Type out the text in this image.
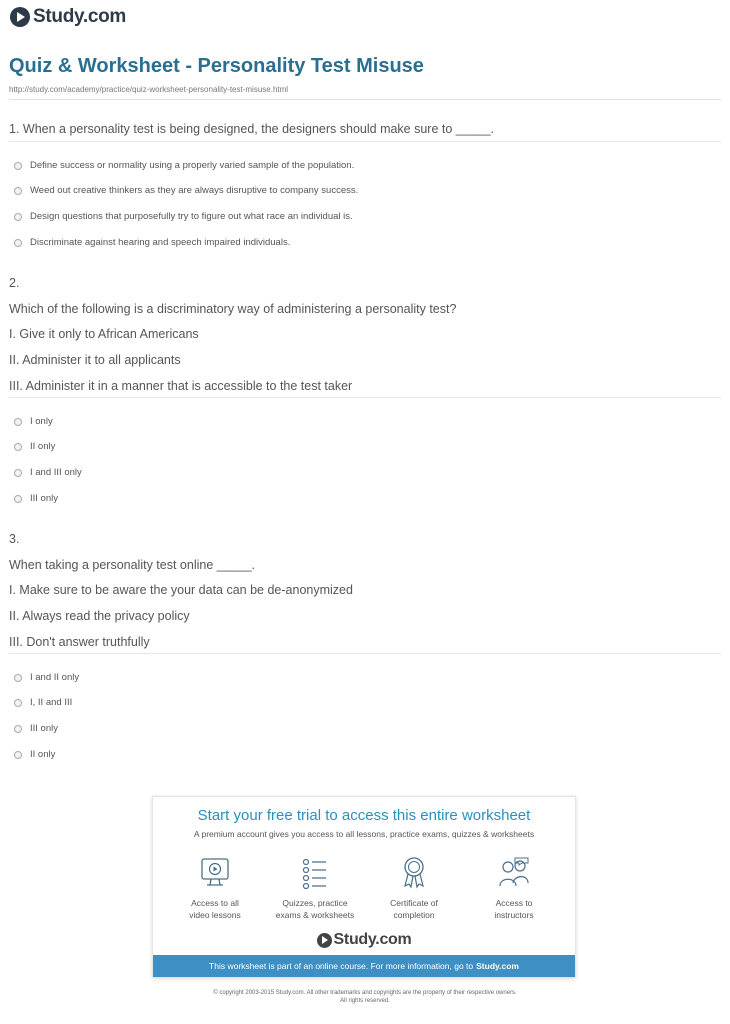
Study.com
Quiz & Worksheet - Personality Test Misuse
http://study.com/academy/practice/quiz-worksheet-personality-test-misuse.html
1. When a personality test is being designed, the designers should make sure to _____.
Define success or normality using a properly varied sample of the population.
Weed out creative thinkers as they are always disruptive to company success.
Design questions that purposefully try to figure out what race an individual is.
Discriminate against hearing and speech impaired individuals.
2.
Which of the following is a discriminatory way of administering a personality test?
I. Give it only to African Americans
II. Administer it to all applicants
III. Administer it in a manner that is accessible to the test taker
I only
II only
I and III only
III only
3.
When taking a personality test online _____.
I. Make sure to be aware the your data can be de-anonymized
II. Always read the privacy policy
III. Don't answer truthfully
I and II only
I, II and III
III only
II only
Start your free trial to access this entire worksheet
A premium account gives you access to all lessons, practice exams, quizzes & worksheets
Access to all
video lessons
Quizzes, practice
exams & worksheets
Certificate of
completion
Access to
instructors
Study.com
This worksheet is part of an online course. For more information, go to Study.com
© copyright 2003-2015 Study.com. All other trademarks and copyrights are the property of their respective owners.
All rights reserved.
